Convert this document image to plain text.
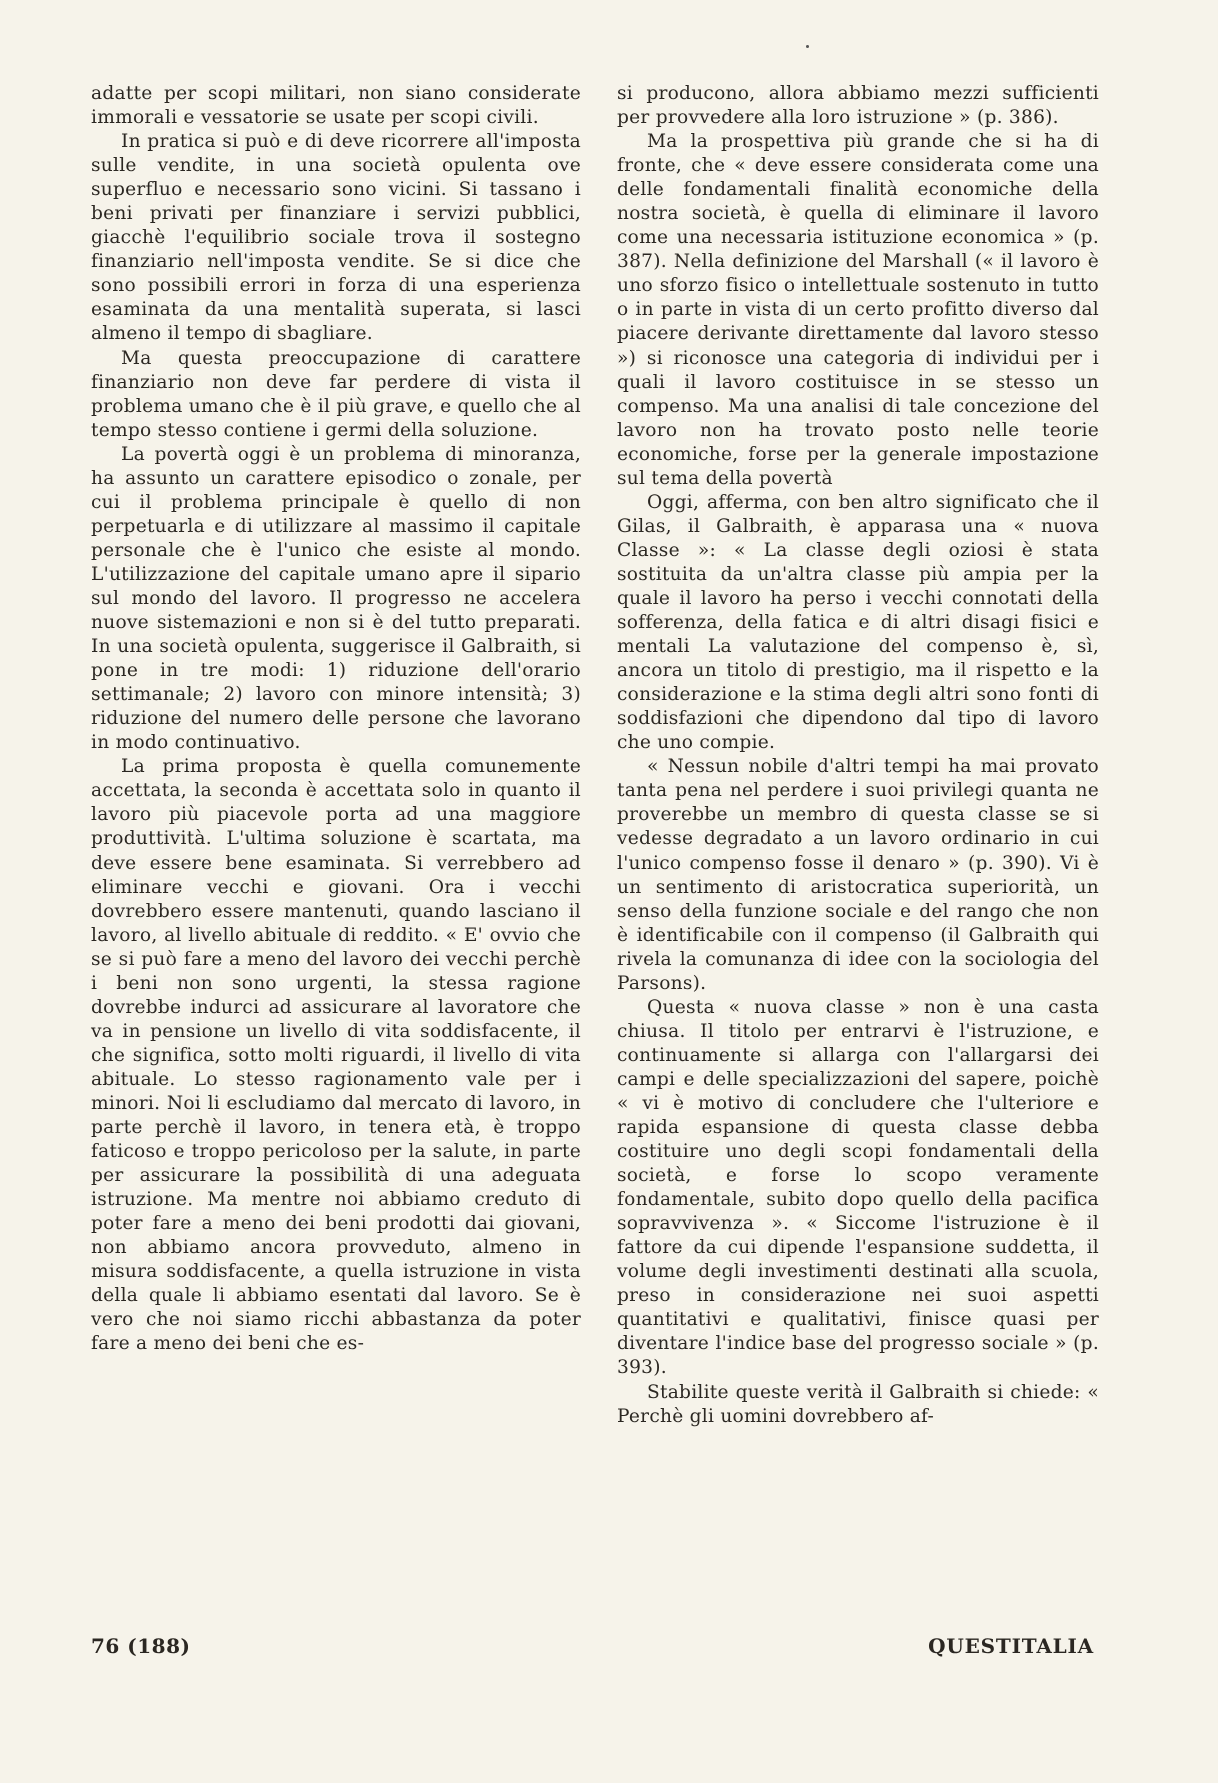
adatte per scopi militari, non siano considerate immorali e vessatorie se usate per scopi civili.

In pratica si può e di deve ricorrere all'imposta sulle vendite, in una società opulenta ove superfluo e necessario sono vicini. Si tassano i beni privati per finanziare i servizi pubblici, giacchè l'equilibrio sociale trova il sostegno finanziario nell'imposta vendite. Se si dice che sono possibili errori in forza di una esperienza esaminata da una mentalità superata, si lasci almeno il tempo di sbagliare.

Ma questa preoccupazione di carattere finanziario non deve far perdere di vista il problema umano che è il più grave, e quello che al tempo stesso contiene i germi della soluzione.

La povertà oggi è un problema di minoranza, ha assunto un carattere episodico o zonale, per cui il problema principale è quello di non perpetuarla e di utilizzare al massimo il capitale personale che è l'unico che esiste al mondo. L'utilizzazione del capitale umano apre il sipario sul mondo del lavoro. Il progresso ne accelera nuove sistemazioni e non si è del tutto preparati. In una società opulenta, suggerisce il Galbraith, si pone in tre modi: 1) riduzione dell'orario settimanale; 2) lavoro con minore intensità; 3) riduzione del numero delle persone che lavorano in modo continuativo.

La prima proposta è quella comunemente accettata, la seconda è accettata solo in quanto il lavoro più piacevole porta ad una maggiore produttività. L'ultima soluzione è scartata, ma deve essere bene esaminata. Si verrebbero ad eliminare vecchi e giovani. Ora i vecchi dovrebbero essere mantenuti, quando lasciano il lavoro, al livello abituale di reddito. « E' ovvio che se si può fare a meno del lavoro dei vecchi perchè i beni non sono urgenti, la stessa ragione dovrebbe indurci ad assicurare al lavoratore che va in pensione un livello di vita soddisfacente, il che significa, sotto molti riguardi, il livello di vita abituale. Lo stesso ragionamento vale per i minori. Noi li escludiamo dal mercato di lavoro, in parte perchè il lavoro, in tenera età, è troppo faticoso e troppo pericoloso per la salute, in parte per assicurare la possibilità di una adeguata istruzione. Ma mentre noi abbiamo creduto di poter fare a meno dei beni prodotti dai giovani, non abbiamo ancora provveduto, almeno in misura soddisfacente, a quella istruzione in vista della quale li abbiamo esentati dal lavoro. Se è vero che noi siamo ricchi abbastanza da poter fare a meno dei beni che es-

si producono, allora abbiamo mezzi sufficienti per provvedere alla loro istruzione » (p. 386).

Ma la prospettiva più grande che si ha di fronte, che « deve essere considerata come una delle fondamentali finalità economiche della nostra società, è quella di eliminare il lavoro come una necessaria istituzione economica » (p. 387). Nella definizione del Marshall (« il lavoro è uno sforzo fisico o intellettuale sostenuto in tutto o in parte in vista di un certo profitto diverso dal piacere derivante direttamente dal lavoro stesso ») si riconosce una categoria di individui per i quali il lavoro costituisce in se stesso un compenso. Ma una analisi di tale concezione del lavoro non ha trovato posto nelle teorie economiche, forse per la generale impostazione sul tema della povertà

Oggi, afferma, con ben altro significato che il Gilas, il Galbraith, è apparasa una « nuova Classe »: « La classe degli oziosi è stata sostituita da un'altra classe più ampia per la quale il lavoro ha perso i vecchi connotati della sofferenza, della fatica e di altri disagi fisici e mentali La valutazione del compenso è, sì, ancora un titolo di prestigio, ma il rispetto e la considerazione e la stima degli altri sono fonti di soddisfazioni che dipendono dal tipo di lavoro che uno compie.

« Nessun nobile d'altri tempi ha mai provato tanta pena nel perdere i suoi privilegi quanta ne proverebbe un membro di questa classe se si vedesse degradato a un lavoro ordinario in cui l'unico compenso fosse il denaro » (p. 390). Vi è un sentimento di aristocratica superiorità, un senso della funzione sociale e del rango che non è identificabile con il compenso (il Galbraith qui rivela la comunanza di idee con la sociologia del Parsons).

Questa « nuova classe » non è una casta chiusa. Il titolo per entrarvi è l'istruzione, e continuamente si allarga con l'allargarsi dei campi e delle specializzazioni del sapere, poichè « vi è motivo di concludere che l'ulteriore e rapida espansione di questa classe debba costituire uno degli scopi fondamentali della società, e forse lo scopo veramente fondamentale, subito dopo quello della pacifica sopravvivenza ». « Siccome l'istruzione è il fattore da cui dipende l'espansione suddetta, il volume degli investimenti destinati alla scuola, preso in considerazione nei suoi aspetti quantitativi e qualitativi, finisce quasi per diventare l'indice base del progresso sociale » (p. 393).

Stabilite queste verità il Galbraith si chiede: « Perchè gli uomini dovrebbero af-

76 (188)	QUESTITALIA
